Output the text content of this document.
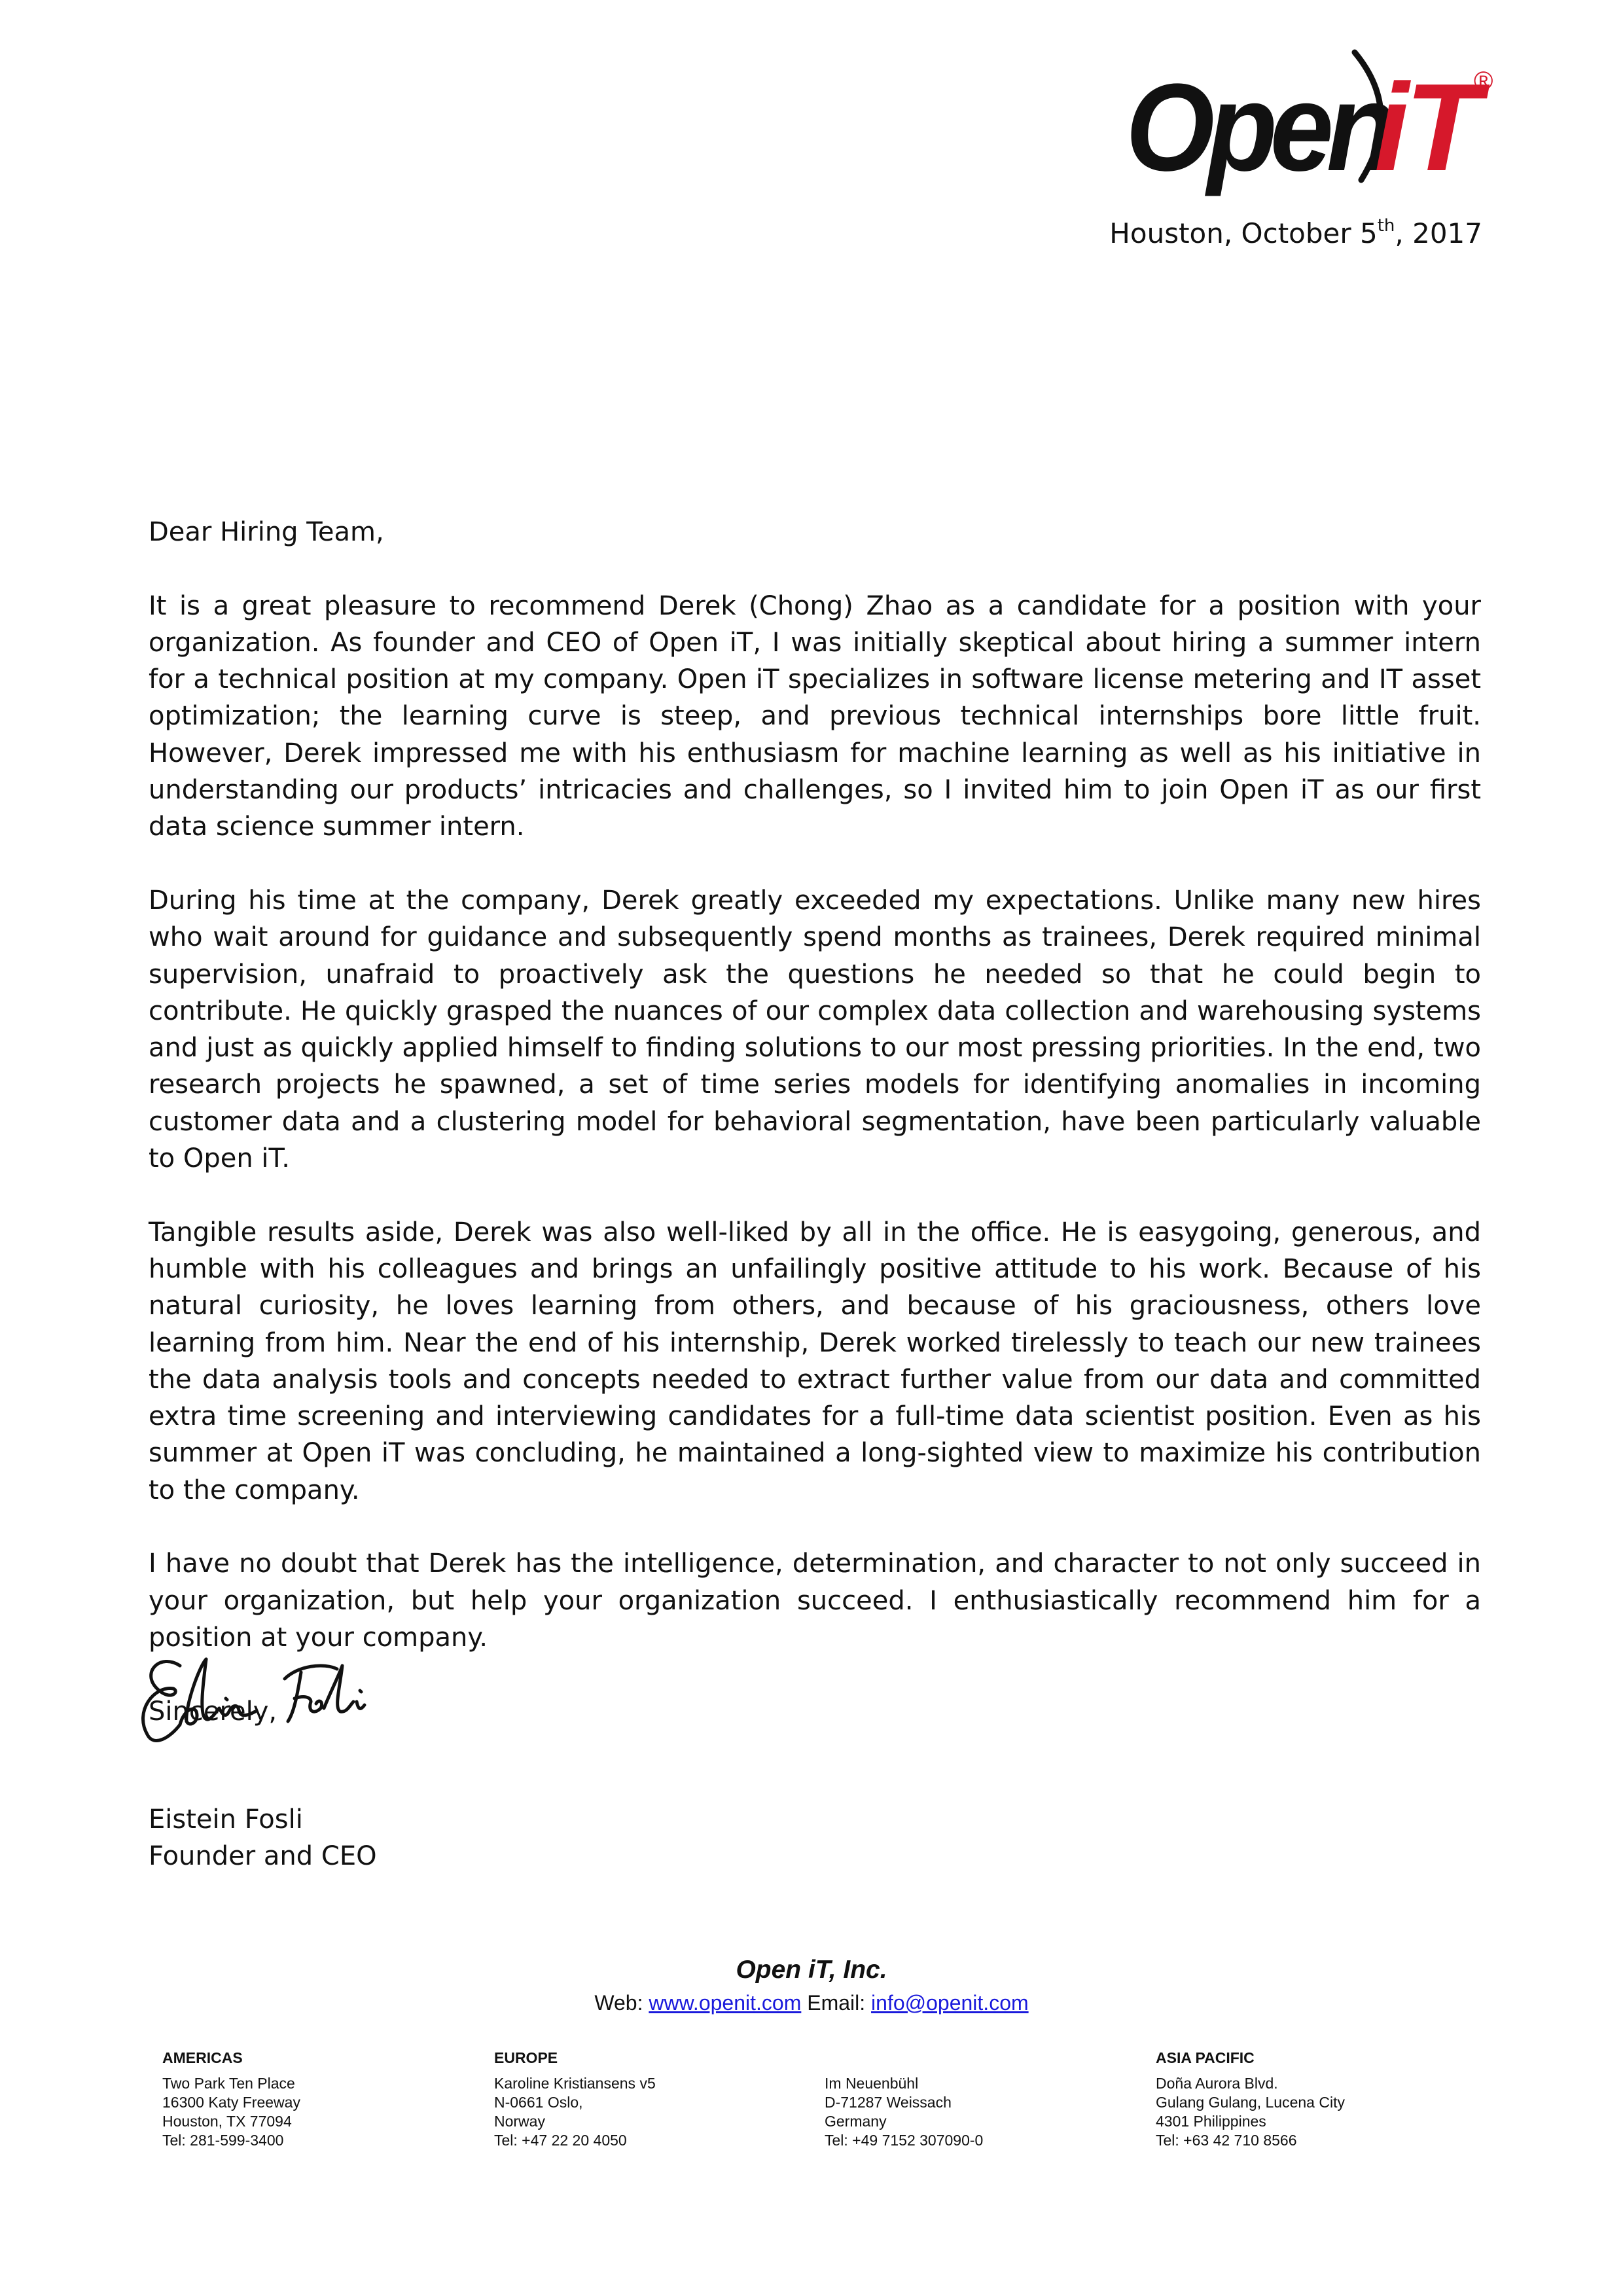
Open
iT
®
Houston, October 5th, 2017

Dear Hiring Team,

It is a great pleasure to recommend Derek (Chong) Zhao as a candidate for a position with your organization. As founder and CEO of Open iT, I was initially skeptical about hiring a summer intern for a technical position at my company. Open iT specializes in software license metering and IT asset optimization; the learning curve is steep, and previous technical internships bore little fruit. However, Derek impressed me with his enthusiasm for machine learning as well as his initiative in understanding our products’ intricacies and challenges, so I invited him to join Open iT as our first data science summer intern.

During his time at the company, Derek greatly exceeded my expectations. Unlike many new hires who wait around for guidance and subsequently spend months as trainees, Derek required minimal supervision, unafraid to proactively ask the questions he needed so that he could begin to contribute. He quickly grasped the nuances of our complex data collection and warehousing systems and just as quickly applied himself to finding solutions to our most pressing priorities. In the end, two research projects he spawned, a set of time series models for identifying anomalies in incoming customer data and a clustering model for behavioral segmentation, have been particularly valuable to Open iT.

Tangible results aside, Derek was also well-liked by all in the office. He is easygoing, generous, and humble with his colleagues and brings an unfailingly positive attitude to his work. Because of his natural curiosity, he loves learning from others, and because of his graciousness, others love learning from him. Near the end of his internship, Derek worked tirelessly to teach our new trainees the data analysis tools and concepts needed to extract further value from our data and committed extra time screening and interviewing candidates for a full-time data scientist position. Even as his summer at Open iT was concluding, he maintained a long-sighted view to maximize his contribution to the company.

I have no doubt that Derek has the intelligence, determination, and character to not only succeed in your organization, but help your organization succeed. I enthusiastically recommend him for a position at your company.

Sincerely,

Eistein Fosli
Founder and CEO
Open iT, Inc.
Web: www.openit.com Email: info@openit.com
AMERICAS
Two Park Ten Place
16300 Katy Freeway
Houston, TX 77094
Tel: 281-599-3400
EUROPE
Karoline Kristiansens v5
N-0661 Oslo,
Norway
Tel: +47 22 20 4050
Im Neuenbühl
D-71287 Weissach
Germany
Tel: +49 7152 307090-0
ASIA PACIFIC
Doña Aurora Blvd.
Gulang Gulang, Lucena City
4301 Philippines
Tel: +63 42 710 8566
